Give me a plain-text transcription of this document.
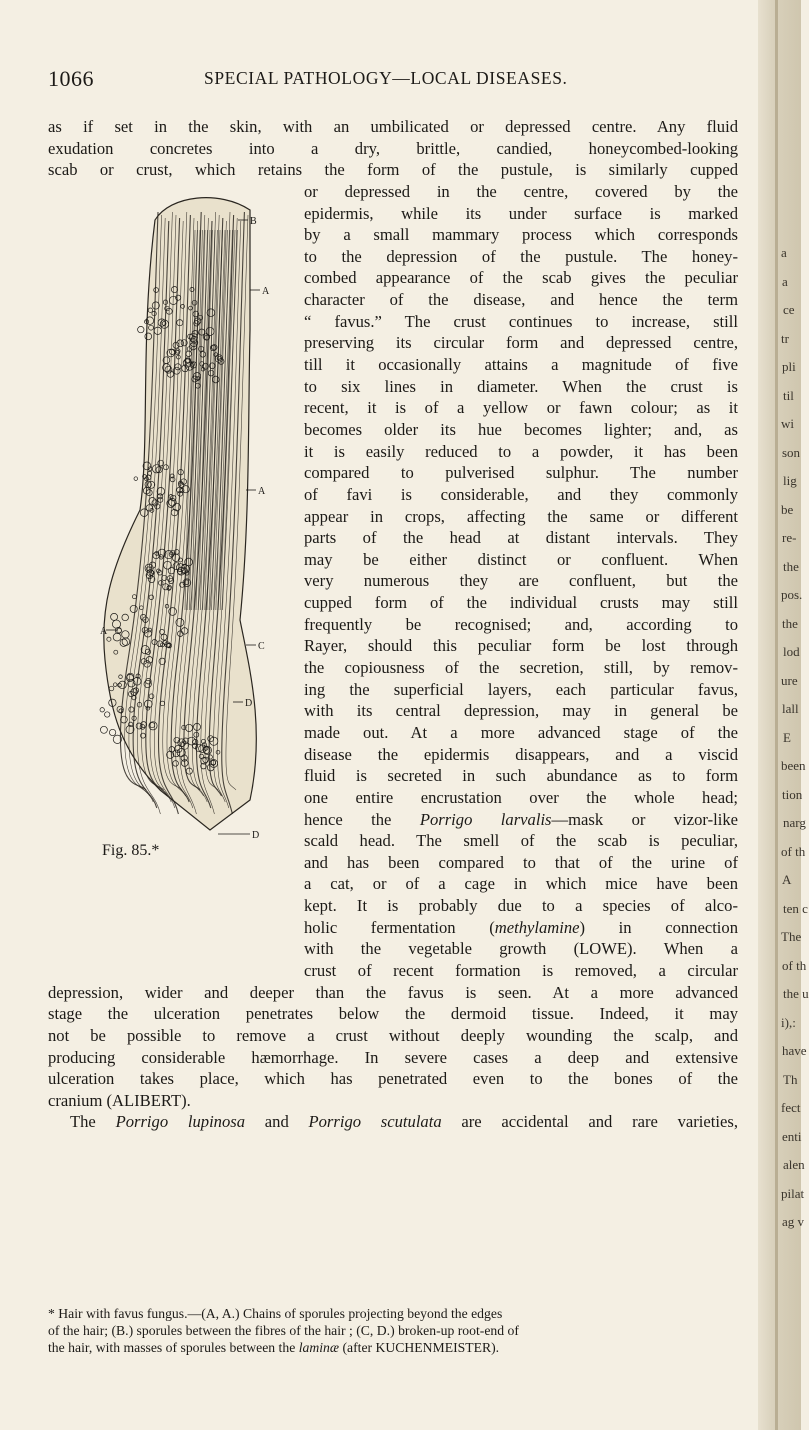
a
a
ce
tr
pli
til
wi
son
lig
be
re-
the
pos.
the
lod
ure
lall
E
been
tion
narg
of th
A
ten c
The
of th
the u
i),:
have
Th
fect
enti
alen
pilat
ag v
1066	SPECIAL PATHOLOGY—LOCAL DISEASES.
as if set in the skin, with an umbilicated or depressed centre. Any fluid
exudation concretes into a dry, brittle, candied, honeycombed-looking
scab or crust, which retains the form of the pustule, is similarly cupped
or depressed in the centre, covered by the
epidermis, while its under surface is marked
by a small mammary process which corresponds
to the depression of the pustule. The honey-
combed appearance of the scab gives the peculiar
character of the disease, and hence the term
“ favus.” The crust continues to increase, still
preserving its circular form and depressed centre,
till it occasionally attains a magnitude of five
to six lines in diameter. When the crust is
recent, it is of a yellow or fawn colour; as it
becomes older its hue becomes lighter; and, as
it is easily reduced to a powder, it has been
compared to pulverised sulphur. The number
of favi is considerable, and they commonly
appear in crops, affecting the same or different
parts of the head at distant intervals. They
may be either distinct or confluent. When
very numerous they are confluent, but the
cupped form of the individual crusts may still
frequently be recognised; and, according to
Rayer, should this peculiar form be lost through
the copiousness of the secretion, still, by remov-
ing the superficial layers, each particular favus,
with its central depression, may in general be
made out. At a more advanced stage of the
disease the epidermis disappears, and a viscid
fluid is secreted in such abundance as to form
one entire encrustation over the whole head;
hence the Porrigo larvalis—mask or vizor-like
scald head. The smell of the scab is peculiar,
and has been compared to that of the urine of
a cat, or of a cage in which mice have been
kept. It is probably due to a species of alco-
holic fermentation (methylamine) in connection
with the vegetable growth (LOWE). When a
crust of recent formation is removed, a circular
depression, wider and deeper than the favus is seen. At a more advanced
stage the ulceration penetrates below the dermoid tissue. Indeed, it may
not be possible to remove a crust without deeply wounding the scalp, and
producing considerable hæmorrhage. In severe cases a deep and extensive
ulceration takes place, which has penetrated even to the bones of the
cranium (ALIBERT).
The Porrigo lupinosa and Porrigo scutulata are accidental and rare varieties,
B
A
A
A
C
D
D
Fig. 85.*
* Hair with favus fungus.—(A, A.) Chains of sporules projecting beyond the edges
of the hair; (B.) sporules between the fibres of the hair ; (C, D.) broken-up root-end of
the hair, with masses of sporules between the laminæ (after KUCHENMEISTER).
